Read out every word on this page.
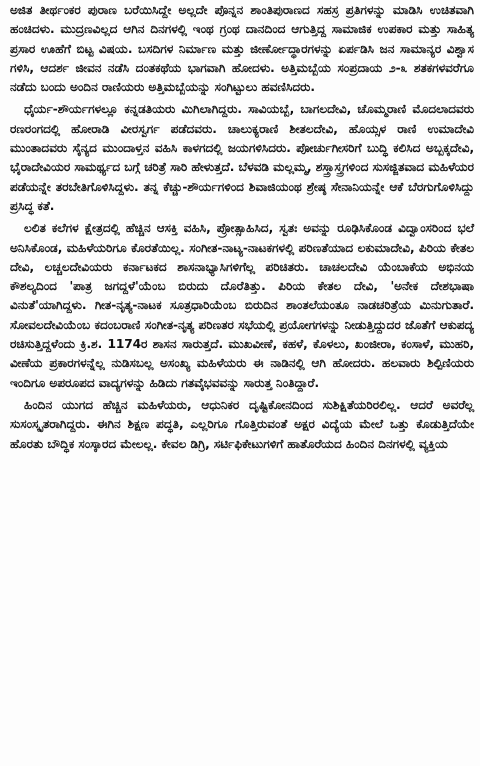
ಅಜಿತ ತೀರ್ಥಂಕರ ಪುರಾಣ ಬರೆಯಿಸಿದ್ದೇ ಅಲ್ಲದೇ ಪೊನ್ನನ ಶಾಂತಿಪುರಾಣದ ಸಹಸ್ರ ಪ್ರತಿಗಳನ್ನು ಮಾಡಿಸಿ ಉಚಿತವಾಗಿ ಹಂಚಿದಳು. ಮುದ್ರಣವಿಲ್ಲದ ಆಗಿನ ದಿನಗಳಲ್ಲಿ ಇಂಥ ಗ್ರಂಥ ದಾನದಿಂದ ಆಗುತ್ತಿದ್ದ ಸಾಮಾಜಿಕ ಉಪಕಾರ ಮತ್ತು ಸಾಹಿತ್ಯ ಪ್ರಸಾರ ಊಹೆಗೆ ಬಿಟ್ಟ ವಿಷಯ. ಬಸದಿಗಳ ನಿರ್ಮಾಣ ಮತ್ತು ಜೀರ್ಣೋದ್ಧಾರಗಳನ್ನು ಏರ್ಪಡಿಸಿ ಜನ ಸಾಮಾನ್ಯರ ವಿಶ್ವಾಸ ಗಳಿಸಿ, ಆದರ್ಶ ಜೀವನ ನಡೆಸಿ ದಂತಕಥೆಯ ಭಾಗವಾಗಿ ಹೋದಳು. ಅತ್ತಿಮಬ್ಬೆಯ ಸಂಪ್ರದಾಯ ೨-೩ ಶತಕಗಳವರೆಗೂ ನಡೆದು ಬಂದು ಅಂದಿನ ರಾಣಿಯರು ಅತ್ತಿಮಬ್ಬೆಯನ್ನು ಸಂಗಿಟ್ಟುಲು ಹವಣಿಸಿದರು.

ಧೈರ್ಯ-ಶೌರ್ಯಗಳಲ್ಲೂ ಕನ್ನಡತಿಯರು ಮಿಗಿಲಾಗಿದ್ದರು. ಸಾವಿಯಬ್ಬೆ, ಬಾಗಲದೇವಿ, ಚೊಮ್ಮರಾಣಿ ಮೊದಲಾದವರು ರಣರಂಗದಲ್ಲಿ ಹೋರಾಡಿ ವೀರಸ್ವರ್ಗ ಪಡೆದವರು. ಚಾಲುಕ್ಯರಾಣಿ ಶೀತಲದೇವಿ, ಹೊಯ್ಸಳ ರಾಣಿ ಉಮಾದೇವಿ ಮುಂತಾದವರು ಸೈನ್ಯದ ಮುಂದಾಳ್ತನ ವಹಿಸಿ ಕಾಳಗದಲ್ಲಿ ಜಯಗಳಿಸಿದರು. ಪೋರ್ಚುಗೀಸರಿಗೆ ಬುದ್ಧಿ ಕಲಿಸಿದ ಅಬ್ಬಕ್ಕದೇವಿ, ಭೈರಾದೇವಿಯರ ಸಾಮರ್ಥ್ಯದ ಬಗ್ಗೆ ಚರಿತ್ರೆ ಸಾರಿ ಹೇಳುತ್ತದೆ. ಬೆಳವಡಿ ಮಲ್ಲಮ್ಮ, ಶಸ್ತ್ರಾಸ್ತ್ರಗಳಿಂದ ಸುಸಜ್ಜಿತವಾದ ಮಹಿಳೆಯರ ಪಡೆಯನ್ನೇ ತರಬೇತಿಗೊಳಿಸಿದ್ದಳು. ತನ್ನ ಕೆಚ್ಚು-ಶೌರ್ಯಗಳಿಂದ ಶಿವಾಜಿಯಂಥ ಶ್ರೇಷ್ಠ ಸೇನಾನಿಯನ್ನೇ ಆಕೆ ಬೆರಗುಗೊಳಿಸಿದ್ದು ಪ್ರಸಿದ್ಧ ಕತೆ.

ಲಲಿತ ಕಲೆಗಳ ಕ್ಷೇತ್ರದಲ್ಲಿ ಹೆಚ್ಚಿನ ಆಸಕ್ತಿ ವಹಿಸಿ, ಪ್ರೋತ್ಸಾಹಿಸಿದ, ಸ್ವತಃ ಅವನ್ನು ರೂಢಿಸಿಕೊಂಡ ವಿದ್ವಾಂಸರಿಂದ ಭಲೆ ಅನಿಸಿಕೊಂಡ, ಮಹಿಳೆಯರಿಗೂ ಕೊರತೆಯಿಲ್ಲ. ಸಂಗೀತ-ನಾಟ್ಯ-ನಾಟಕಗಳಲ್ಲಿ ಪರಿಣತೆಯಾದ ಲಕುಮಾದೇವಿ, ಪಿರಿಯ ಕೇತಲ ದೇವಿ, ಲಚ್ಚಲದೇವಿಯರು ಕರ್ನಾಟಕದ ಶಾಸನಾಭ್ಯಾಸಿಗಳಿಗೆಲ್ಲ ಪರಿಚಿತರು. ಚಾಚಲದೇವಿ ಯೆಂಬಾಕೆಯ ಅಭಿನಯ ಕೌಶಲ್ಯದಿಂದ 'ಪಾತ್ರ ಜಗದ್ದಳೆ'ಯೆಂಬ ಬಿರುದು ದೊರೆತಿತ್ತು. ಪಿರಿಯ ಕೇತಲ ದೇವಿ, 'ಅನೇಕ ದೇಶಭಾಷಾ ವಿನುತೆ'ಯಾಗಿದ್ದಳು. ಗೀತ-ನೃತ್ಯ-ನಾಟಕ ಸೂತ್ರಧಾರಿಯೆಂಬ ಬಿರುದಿನ ಶಾಂತಲೆಯಂತೂ ನಾಡಚರಿತ್ರೆಯ ಮಿನುಗುತಾರೆ. ಸೋವಲದೇವಿಯೆಂಬ ಕದಂಬರಾಣಿ ಸಂಗೀತ-ನೃತ್ಯ ಪರಿಣತರ ಸಭೆಯಲ್ಲಿ ಪ್ರಯೋಗಗಳನ್ನು ನೀಡುತ್ತಿದ್ದುದರ ಜೊತೆಗೆ ಆಕುಪದ್ಯ ರಚಿಸುತ್ತಿದ್ದಳೆಂದು ಕ್ರಿ.ಶ. 1174ರ ಶಾಸನ ಸಾರುತ್ತದೆ. ಮುಖವೀಣೆ, ಕಹಳೆ, ಕೊಳಲು, ಖಂಜೀರಾ, ಕಂಸಾಳೆ, ಮುಹರಿ, ವೀಣೆಯ ಪ್ರಕಾರಗಳನ್ನೆಲ್ಲ ನುಡಿಸಬಲ್ಲ ಅಸಂಖ್ಯ ಮಹಿಳೆಯರು ಈ ನಾಡಿನಲ್ಲಿ ಆಗಿ ಹೋದರು. ಹಲವಾರು ಶಿಲ್ಪಿಣಿಯರು ಇಂದಿಗೂ ಅಪರೂಪದ ವಾದ್ಯಗಳನ್ನು ಹಿಡಿದು ಗತವೈಭವವನ್ನು ಸಾರುತ್ತ ನಿಂತಿದ್ದಾರೆ.

ಹಿಂದಿನ ಯುಗದ ಹೆಚ್ಚಿನ ಮಹಿಳೆಯರು, ಆಧುನಿಕರ ದೃಷ್ಟಿಕೋನದಿಂದ ಸುಶಿಕ್ಷಿತೆಯರಿರಲಿಲ್ಲ. ಆದರೆ ಅವರೆಲ್ಲ ಸುಸಂಸ್ಕೃತರಾಗಿದ್ದರು. ಈಗಿನ ಶಿಕ್ಷಣ ಪದ್ಧತಿ, ಎಲ್ಲರಿಗೂ ಗೊತ್ತಿರುವಂತೆ ಅಕ್ಷರ ವಿದ್ಯೆಯ ಮೇಲೆ ಒತ್ತು ಕೊಡುತ್ತಿದೆಯೇ ಹೊರತು ಬೌದ್ಧಿಕ ಸಂಸ್ಕಾರದ ಮೇಲಲ್ಲ. ಕೇವಲ ಡಿಗ್ರಿ, ಸರ್ಟಿಫಿಕೇಟುಗಳಿಗೆ ಹಾತೊರೆಯದ ಹಿಂದಿನ ದಿನಗಳಲ್ಲಿ ವ್ಯಕ್ತಿಯ
